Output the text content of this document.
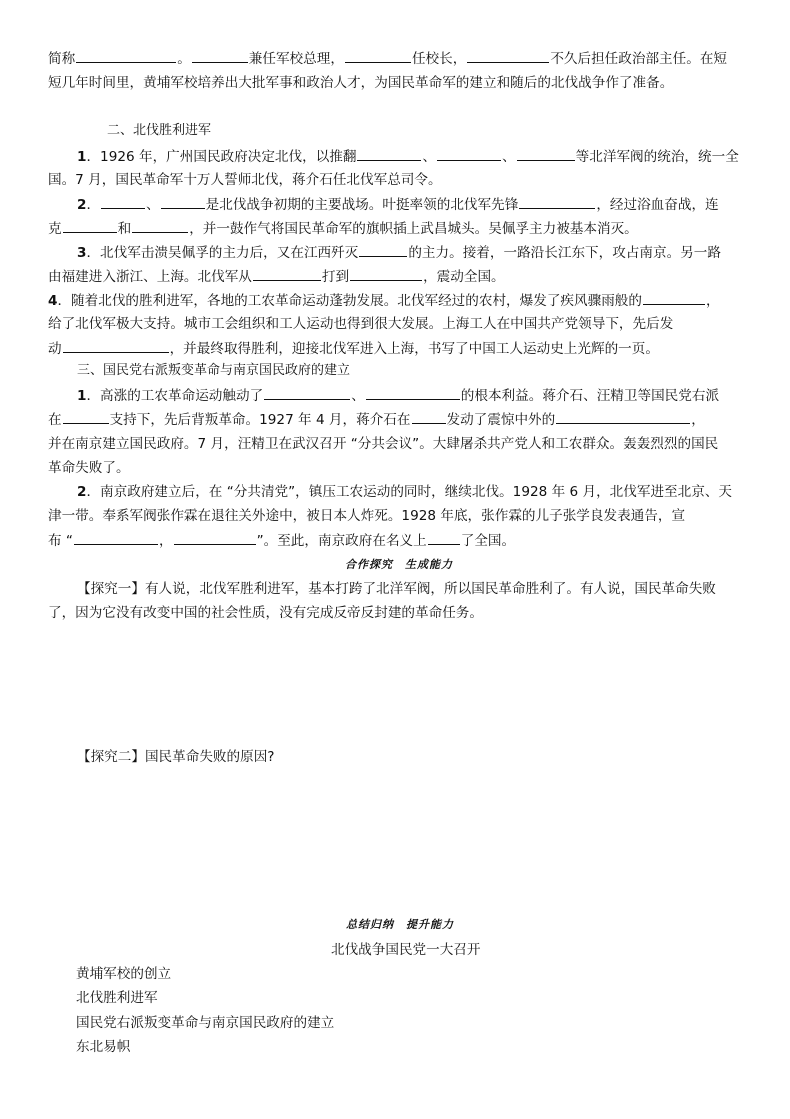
简称	。	兼任军校总理，	任校长，	不久后担任政治部主任。在短
短几年时间里，黄埔军校培养出大批军事和政治人才，为国民革命军的建立和随后的北伐战争作了准备。
二、北伐胜利进军
1．1926 年，广州国民政府决定北伐，以推翻	、	、	等北洋军阀的统治，统一全
国。7 月，国民革命军十万人誓师北伐，蒋介石任北伐军总司令。
2．	、	是北伐战争初期的主要战场。叶挺率领的北伐军先锋	，经过浴血奋战，连
克	和	，并一鼓作气将国民革命军的旗帜插上武昌城头。吴佩孚主力被基本消灭。
3．北伐军击溃吴佩孚的主力后，又在江西歼灭	的主力。接着，一路沿长江东下，攻占南京。另一路
由福建进入浙江、上海。北伐军从	打到	，震动全国。
4．随着北伐的胜利进军，各地的工农革命运动蓬勃发展。北伐军经过的农村，爆发了疾风骤雨般的	，
给了北伐军极大支持。城市工会组织和工人运动也得到很大发展。上海工人在中国共产党领导下，先后发
动	，并最终取得胜利，迎接北伐军进入上海，书写了中国工人运动史上光辉的一页。
三、国民党右派叛变革命与南京国民政府的建立
1．高涨的工农革命运动触动了	、	的根本利益。蒋介石、汪精卫等国民党右派
在	支持下，先后背叛革命。1927 年 4 月，蒋介石在	发动了震惊中外的	，
并在南京建立国民政府。7 月，汪精卫在武汉召开 “分共会议”。大肆屠杀共产党人和工农群众。轰轰烈烈的国民
革命失败了。
2．南京政府建立后，在 “分共清党”，镇压工农运动的同时，继续北伐。1928 年 6 月，北伐军进至北京、天
津一带。奉系军阀张作霖在退往关外途中，被日本人炸死。1928 年底，张作霖的儿子张学良发表通告，宣
布 “	，	”。至此，南京政府在名义上	了全国。
合作探究　生成能力
【探究一】有人说，北伐军胜利进军，基本打跨了北洋军阀，所以国民革命胜利了。有人说，国民革命失败
了，因为它没有改变中国的社会性质，没有完成反帝反封建的革命任务。
【探究二】国民革命失败的原因?
总结归纳　提升能力
北伐战争国民党一大召开
黄埔军校的创立
北伐胜利进军
国民党右派叛变革命与南京国民政府的建立
东北易帜
